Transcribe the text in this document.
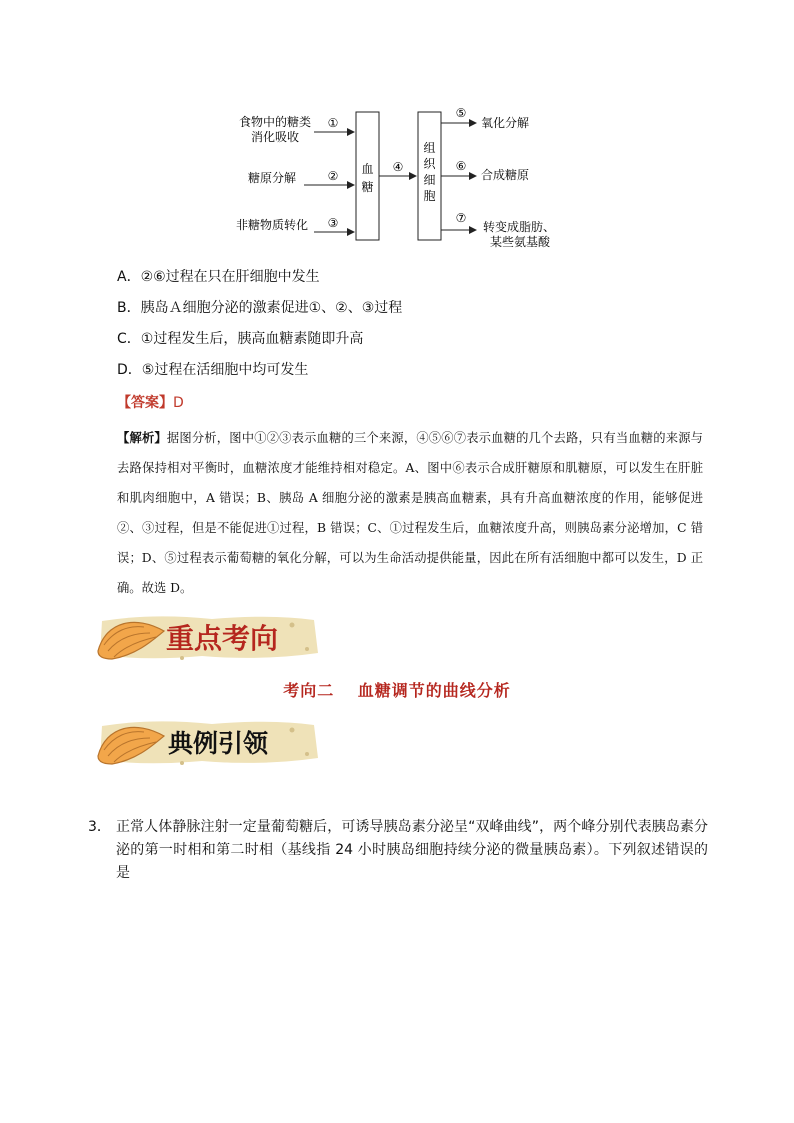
食物中的糖类
消化吸收
糖原分解
非糖物质转化
①
②
③
血
糖
④
组
织
细
胞
⑤
⑥
⑦
氧化分解
合成糖原
转变成脂肪、
某些氨基酸
A．②⑥过程在只在肝细胞中发生
B．胰岛Ａ细胞分泌的激素促进①、②、③过程
C．①过程发生后，胰高血糖素随即升高
D．⑤过程在活细胞中均可发生
【答案】D
【解析】据图分析，图中①②③表示血糖的三个来源，④⑤⑥⑦表示血糖的几个去路，只有当血糖的来源与去路保持相对平衡时，血糖浓度才能维持相对稳定。A、图中⑥表示合成肝糖原和肌糖原，可以发生在肝脏和肌肉细胞中，A 错误；B、胰岛 A 细胞分泌的激素是胰高血糖素，具有升高血糖浓度的作用，能够促进②、③过程，但是不能促进①过程，B 错误；C、①过程发生后，血糖浓度升高，则胰岛素分泌增加，C 错误；D、⑤过程表示葡萄糖的氧化分解，可以为生命活动提供能量，因此在所有活细胞中都可以发生，D 正确。故选 D。
重点考向
考向二　 血糖调节的曲线分析
典例引领
3． 正常人体静脉注射一定量葡萄糖后，可诱导胰岛素分泌呈“双峰曲线”，两个峰分别代表胰岛素分泌的第一时相和第二时相（基线指 24 小时胰岛细胞持续分泌的微量胰岛素）。下列叙述错误的是
